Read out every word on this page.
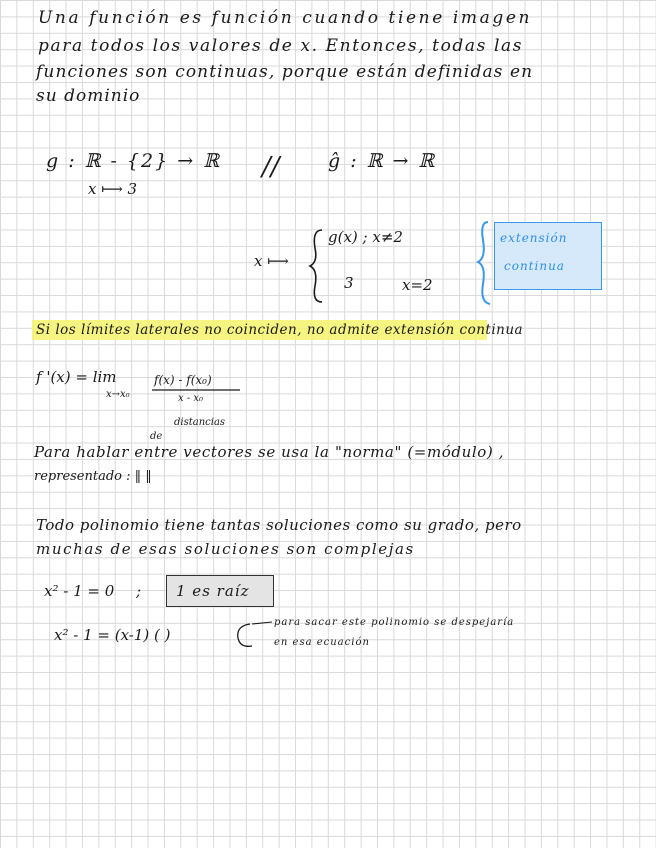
Una función es función cuando tiene imagen
para todos los valores de x. Entonces, todas las
funciones son continuas, porque están definidas en
su dominio
g : ℝ - {2} → ℝ
x ⟼ 3
//	ĝ : ℝ → ℝ
x ⟼
g(x) ; x≠2
3	x=2
extensión
continua
Si los límites laterales no coinciden, no admite extensión continua
f '(x) = lim
x→x₀
f(x) - f(x₀)
x - x₀
distancias
de
Para hablar entre vectores se usa la "norma" (=módulo) ,
representado : ‖ ‖
Todo polinomio tiene tantas soluciones como su grado, pero
muchas de esas soluciones son complejas
x² - 1 = 0 ; 1 es raíz
x² - 1 = (x-1) ( )
para sacar este polinomio se despejaría
en esa ecuación
